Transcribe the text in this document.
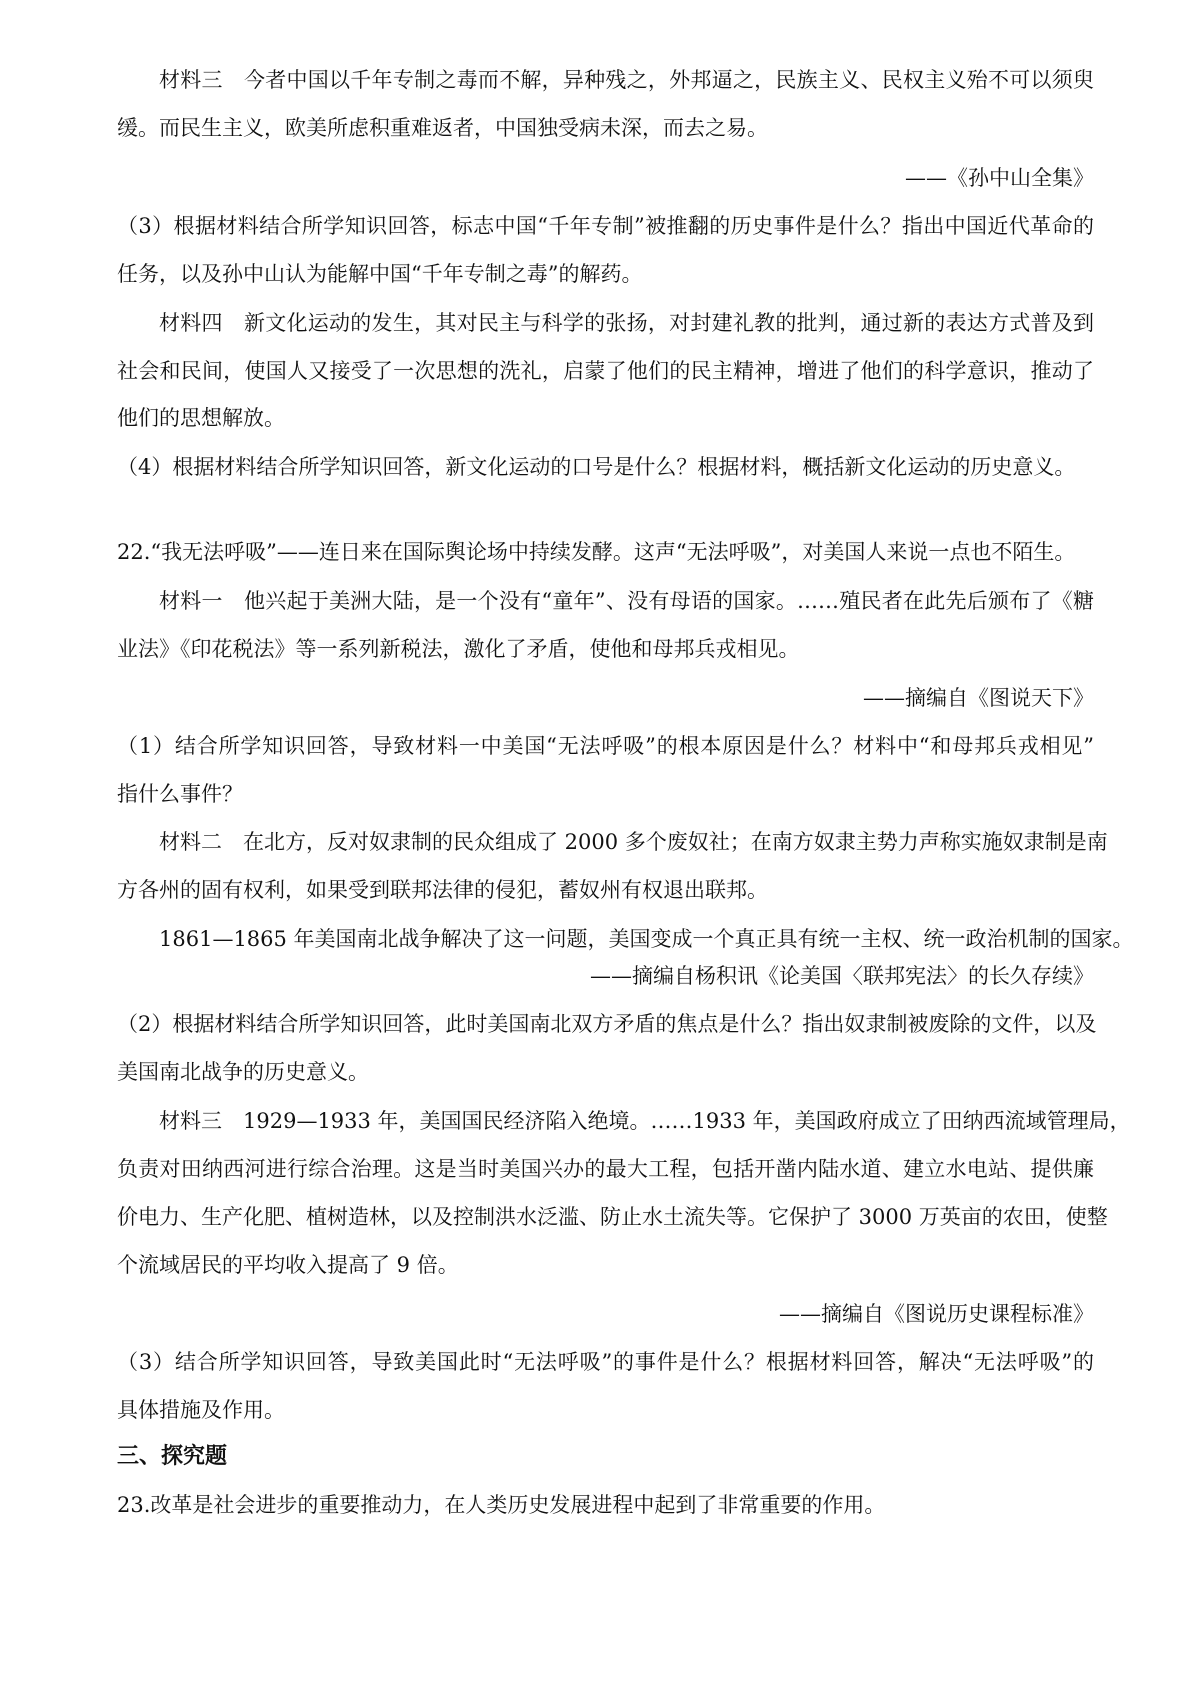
材料三　今者中国以千年专制之毒而不解，异种残之，外邦逼之，民族主义、民权主义殆不可以须臾
缓。而民生主义，欧美所虑积重难返者，中国独受病未深，而去之易。
——《孙中山全集》
（3）根据材料结合所学知识回答，标志中国“千年专制”被推翻的历史事件是什么？指出中国近代革命的
任务，以及孙中山认为能解中国“千年专制之毒”的解药。
材料四　新文化运动的发生，其对民主与科学的张扬，对封建礼教的批判，通过新的表达方式普及到
社会和民间，使国人又接受了一次思想的洗礼，启蒙了他们的民主精神，增进了他们的科学意识，推动了
他们的思想解放。
（4）根据材料结合所学知识回答，新文化运动的口号是什么？根据材料，概括新文化运动的历史意义。
22.“我无法呼吸”——连日来在国际舆论场中持续发酵。这声“无法呼吸”，对美国人来说一点也不陌生。
材料一　他兴起于美洲大陆，是一个没有“童年”、没有母语的国家。……殖民者在此先后颁布了《糖
业法》《印花税法》等一系列新税法，激化了矛盾，使他和母邦兵戎相见。
——摘编自《图说天下》
（1）结合所学知识回答，导致材料一中美国“无法呼吸”的根本原因是什么？材料中“和母邦兵戎相见”
指什么事件？
材料二　在北方，反对奴隶制的民众组成了 2000 多个废奴社；在南方奴隶主势力声称实施奴隶制是南
方各州的固有权利，如果受到联邦法律的侵犯，蓄奴州有权退出联邦。
1861—1865 年美国南北战争解决了这一问题，美国变成一个真正具有统一主权、统一政治机制的国家。
——摘编自杨积讯《论美国〈联邦宪法〉的长久存续》
（2）根据材料结合所学知识回答，此时美国南北双方矛盾的焦点是什么？指出奴隶制被废除的文件，以及
美国南北战争的历史意义。
材料三　1929—1933 年，美国国民经济陷入绝境。……1933 年，美国政府成立了田纳西流域管理局，
负责对田纳西河进行综合治理。这是当时美国兴办的最大工程，包括开凿内陆水道、建立水电站、提供廉
价电力、生产化肥、植树造林，以及控制洪水泛滥、防止水土流失等。它保护了 3000 万英亩的农田，使整
个流域居民的平均收入提高了 9 倍。
——摘编自《图说历史课程标准》
（3）结合所学知识回答，导致美国此时“无法呼吸”的事件是什么？根据材料回答，解决“无法呼吸”的
具体措施及作用。
三、探究题
23.改革是社会进步的重要推动力，在人类历史发展进程中起到了非常重要的作用。
